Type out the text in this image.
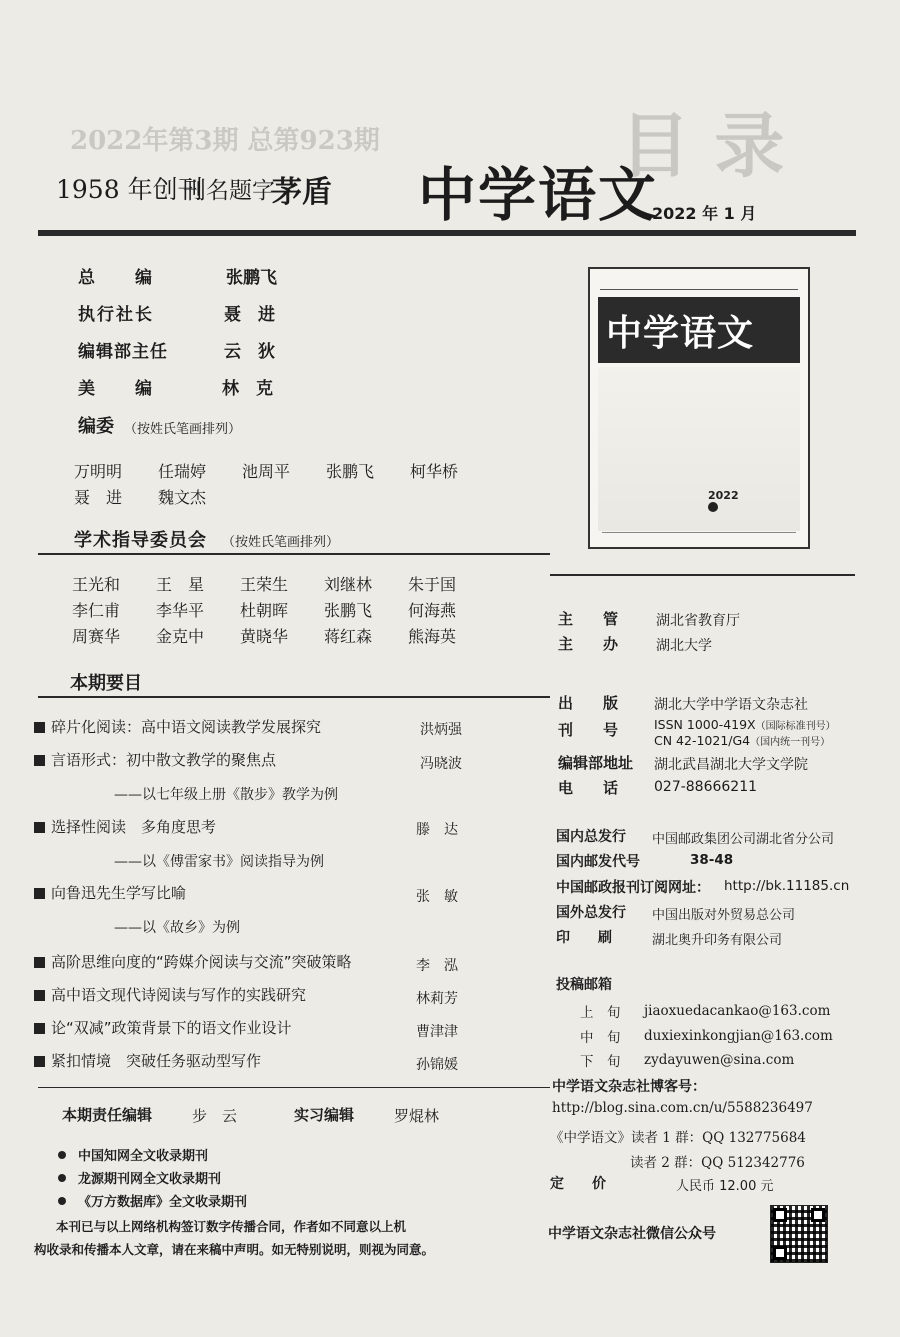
目 录
2022年第3期 总第923期
1958 年创刊
刊名题字
茅盾 中学语文
2022 年 1 月
总　　编	张鹏飞
执行社长	聂　进
编辑部主任	云　狄
美　　编	林　克
编委 （按姓氏笔画排列）
万明明 任瑞婷 池周平 张鹏飞 柯华桥
聂　进 魏文杰
学术指导委员会 （按姓氏笔画排列）
王光和 王　星 王荣生 刘继林 朱于国
李仁甫 李华平 杜朝晖 张鹏飞 何海燕
周赛华 金克中 黄晓华 蒋红森 熊海英
本期要目
碎片化阅读：高中语文阅读教学发展探究	洪炳强
言语形式：初中散文教学的聚焦点	冯晓波
——以七年级上册《散步》教学为例
选择性阅读　多角度思考	滕　达
——以《傅雷家书》阅读指导为例
向鲁迅先生学写比喻	张　敏
——以《故乡》为例
高阶思维向度的“跨媒介阅读与交流”突破策略	李　泓
高中语文现代诗阅读与写作的实践研究	林莉芳
论“双减”政策背景下的语文作业设计	曹津津
紧扣情境　突破任务驱动型写作	孙锦媛
本期责任编辑	步　云	实习编辑	罗焜林
中国知网全文收录期刊
龙源期刊网全文收录期刊
《万方数据库》全文收录期刊
本刊已与以上网络机构签订数字传播合同，作者如不同意以上机
构收录和传播本人文章，请在来稿中声明。如无特别说明，则视为同意。
中学语文
2022
主　　管	湖北省教育厅
主　　办	湖北大学
出　　版	湖北大学中学语文杂志社
刊　　号	ISSN 1000-419X（国际标准刊号）
CN 42-1021/G4（国内统一刊号）
编辑部地址 湖北武昌湖北大学文学院
电　　话	027-88666211
国内总发行 中国邮政集团公司湖北省分公司
国内邮发代号	38-48
中国邮政报刊订阅网址： http://bk.11185.cn
国外总发行 中国出版对外贸易总公司
印　　刷	湖北奥升印务有限公司
投稿邮箱
上　旬 jiaoxuedacankao@163.com
中　旬 duxiexinkongjian@163.com
下　旬 zydayuwen@sina.com
中学语文杂志社博客号：
http://blog.sina.com.cn/u/5588236497
《中学语文》读者 1 群：QQ 132775684
读者 2 群：QQ 512342776
定　　价	人民币 12.00 元
中学语文杂志社微信公众号
